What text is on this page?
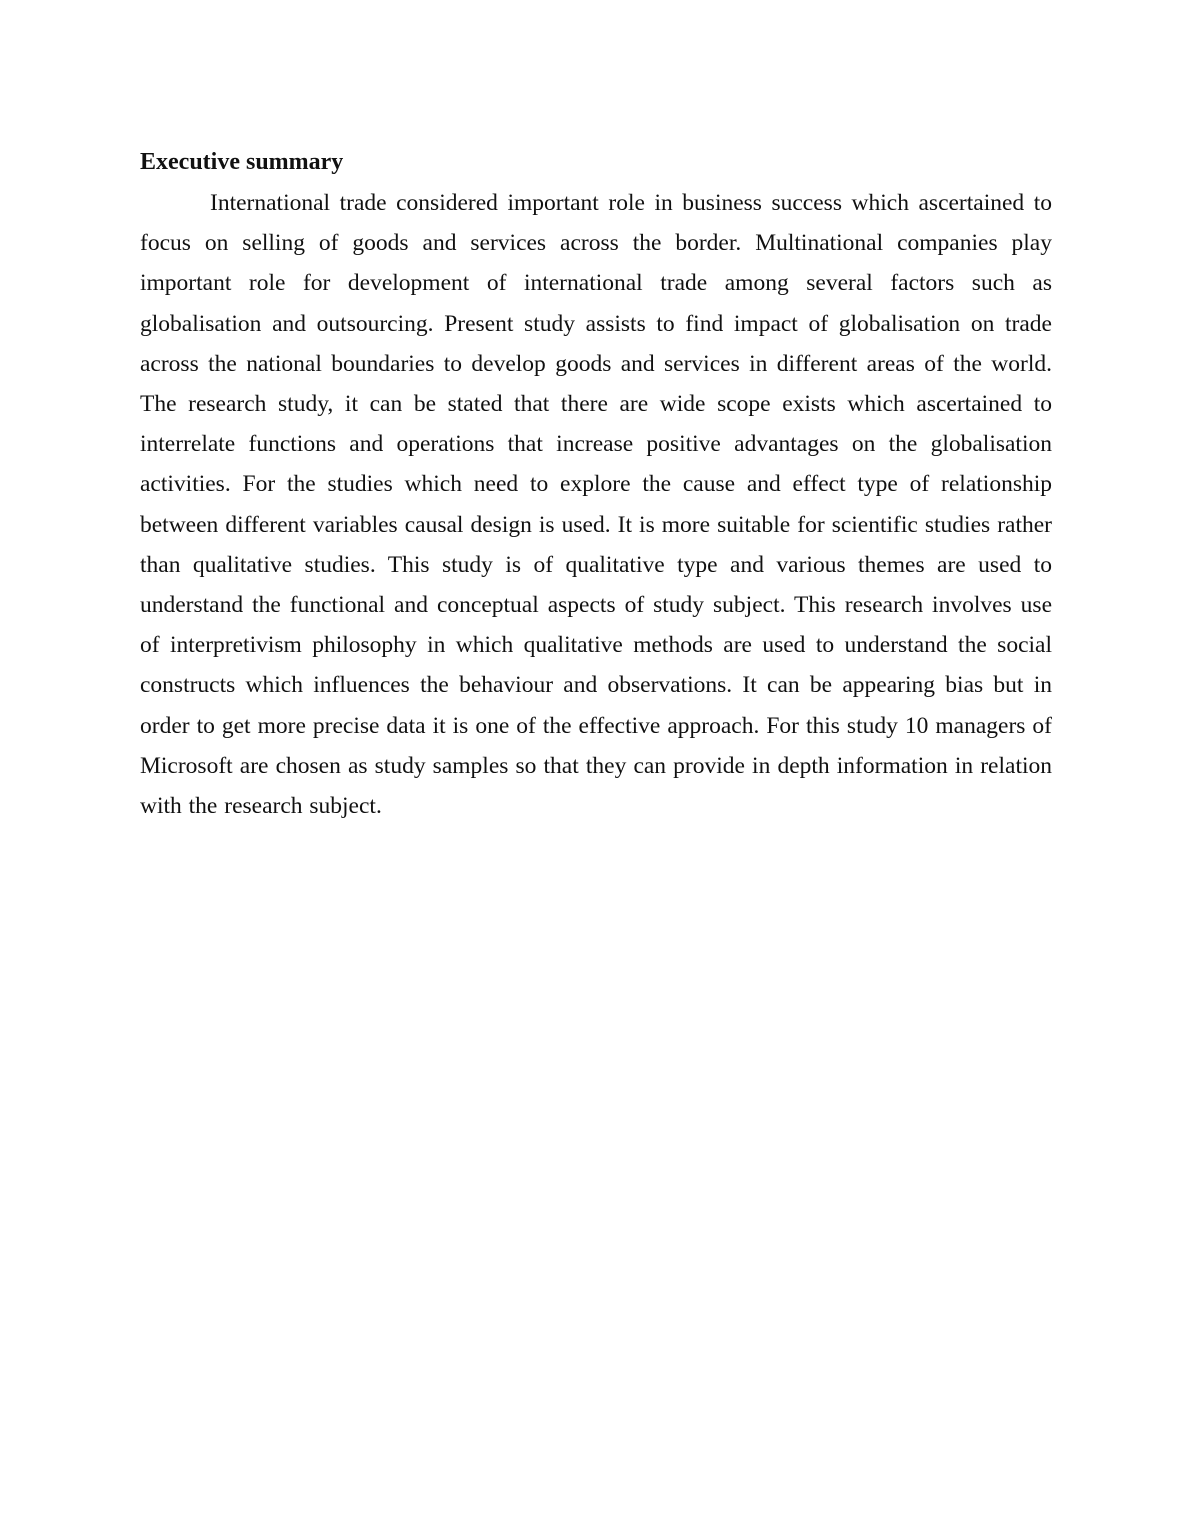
Executive summary

International trade considered important role in business success which ascertained to focus on selling of goods and services across the border. Multinational companies play important role for development of international trade among several factors such as globalisation and outsourcing. Present study assists to find impact of globalisation on trade across the national boundaries to develop goods and services in different areas of the world. The research study, it can be stated that there are wide scope exists which ascertained to interrelate functions and operations that increase positive advantages on the globalisation activities. For the studies which need to explore the cause and effect type of relationship between different variables causal design is used. It is more suitable for scientific studies rather than qualitative studies. This study is of qualitative type and various themes are used to understand the functional and conceptual aspects of study subject. This research involves use of interpretivism philosophy in which qualitative methods are used to understand the social constructs which influences the behaviour and observations. It can be appearing bias but in order to get more precise data it is one of the effective approach. For this study 10 managers of Microsoft are chosen as study samples so that they can provide in depth information in relation with the research subject.
